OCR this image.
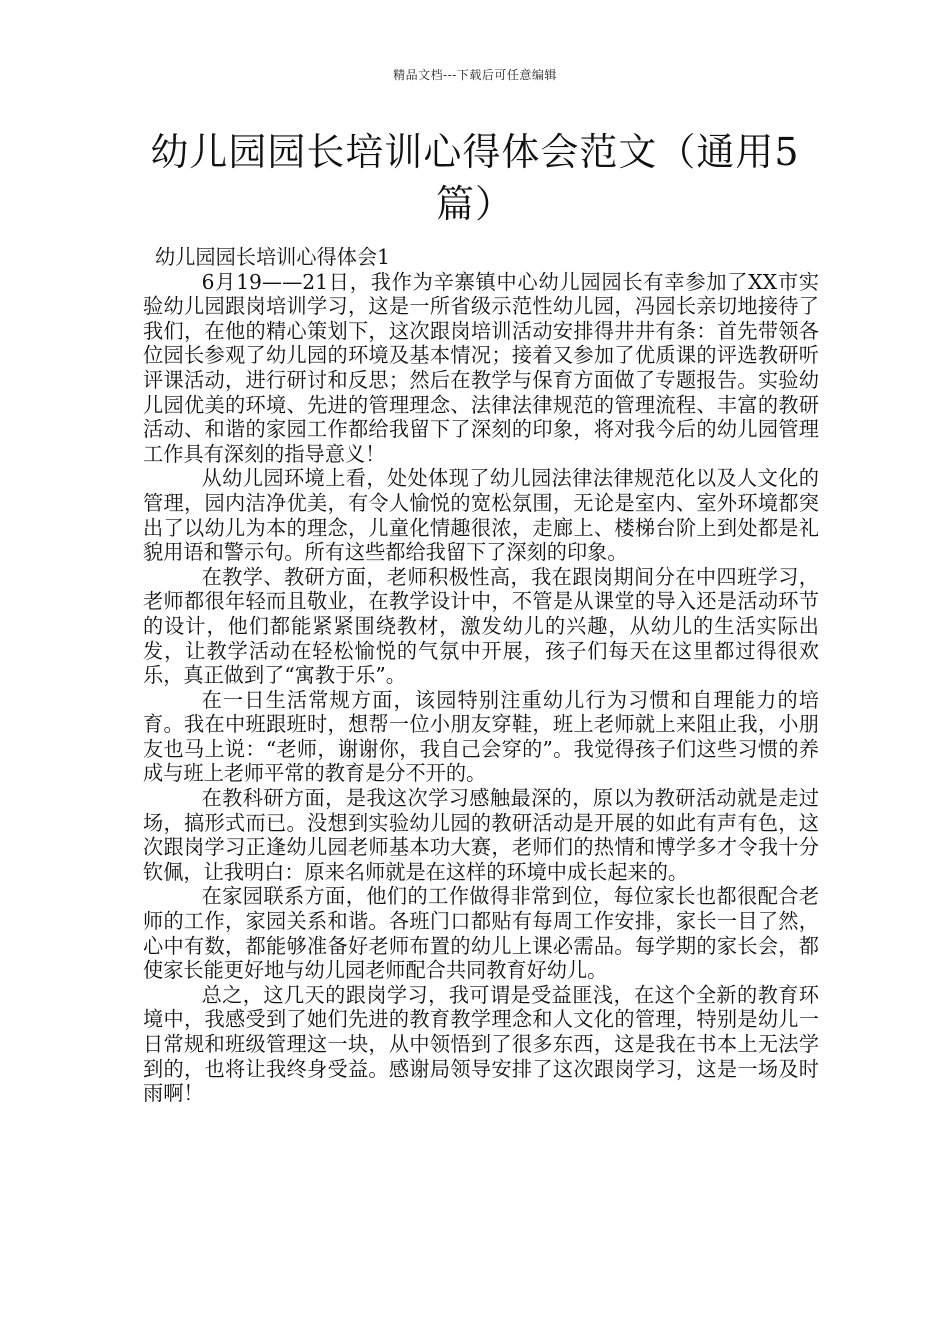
精品文档---下载后可任意编辑
幼儿园园长培训心得体会范文（通用5篇）

幼儿园园长培训心得体会1

6月19——21日，我作为辛寨镇中心幼儿园园长有幸参加了XX市实验幼儿园跟岗培训学习，这是一所省级示范性幼儿园，冯园长亲切地接待了我们，在他的精心策划下，这次跟岗培训活动安排得井井有条：首先带领各位园长参观了幼儿园的环境及基本情况；接着又参加了优质课的评选教研听评课活动，进行研讨和反思；然后在教学与保育方面做了专题报告。实验幼儿园优美的环境、先进的管理理念、法律法律规范的管理流程、丰富的教研活动、和谐的家园工作都给我留下了深刻的印象，将对我今后的幼儿园管理工作具有深刻的指导意义！

从幼儿园环境上看，处处体现了幼儿园法律法律规范化以及人文化的管理，园内洁净优美，有令人愉悦的宽松氛围，无论是室内、室外环境都突出了以幼儿为本的理念，儿童化情趣很浓，走廊上、楼梯台阶上到处都是礼貌用语和警示句。所有这些都给我留下了深刻的印象。

在教学、教研方面，老师积极性高，我在跟岗期间分在中四班学习，老师都很年轻而且敬业，在教学设计中，不管是从课堂的导入还是活动环节的设计，他们都能紧紧围绕教材，激发幼儿的兴趣，从幼儿的生活实际出发，让教学活动在轻松愉悦的气氛中开展，孩子们每天在这里都过得很欢乐，真正做到了“寓教于乐”。

在一日生活常规方面，该园特别注重幼儿行为习惯和自理能力的培育。我在中班跟班时，想帮一位小朋友穿鞋，班上老师就上来阻止我，小朋友也马上说：“老师，谢谢你，我自己会穿的”。我觉得孩子们这些习惯的养成与班上老师平常的教育是分不开的。

在教科研方面，是我这次学习感触最深的，原以为教研活动就是走过场，搞形式而已。没想到实验幼儿园的教研活动是开展的如此有声有色，这次跟岗学习正逢幼儿园老师基本功大赛，老师们的热情和博学多才令我十分钦佩，让我明白：原来名师就是在这样的环境中成长起来的。

在家园联系方面，他们的工作做得非常到位，每位家长也都很配合老师的工作，家园关系和谐。各班门口都贴有每周工作安排，家长一目了然，心中有数，都能够准备好老师布置的幼儿上课必需品。每学期的家长会，都使家长能更好地与幼儿园老师配合共同教育好幼儿。

总之，这几天的跟岗学习，我可谓是受益匪浅，在这个全新的教育环境中，我感受到了她们先进的教育教学理念和人文化的管理，特别是幼儿一日常规和班级管理这一块，从中领悟到了很多东西，这是我在书本上无法学到的，也将让我终身受益。感谢局领导安排了这次跟岗学习，这是一场及时雨啊！
